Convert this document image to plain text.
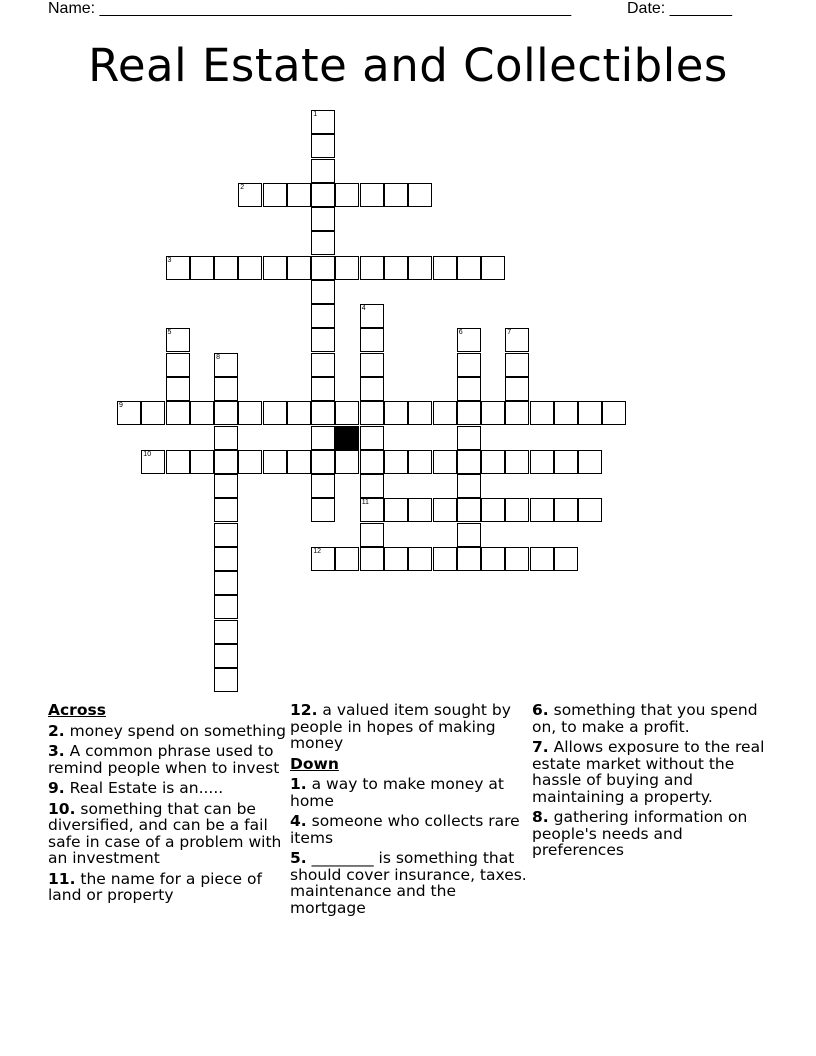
Name: _____________________________________________________	Date: _______
Real Estate and Collectibles
1
2
3
4
11
5	6	7
8
9
10
12
Across
2. money spend on something
3. A common phrase used to remind people when to invest
9. Real Estate is an.....
10. something that can be diversified, and can be a fail safe in case of a problem with an investment
11. the name for a piece of land or property
12. a valued item sought by people in hopes of making money
Down
1. a way to make money at home
4. someone who collects rare items
5. ________ is something that should cover insurance, taxes. maintenance and the mortgage
6. something that you spend on, to make a profit.
7. Allows exposure to the real estate market without the hassle of buying and maintaining a property.
8. gathering information on people's needs and preferences
